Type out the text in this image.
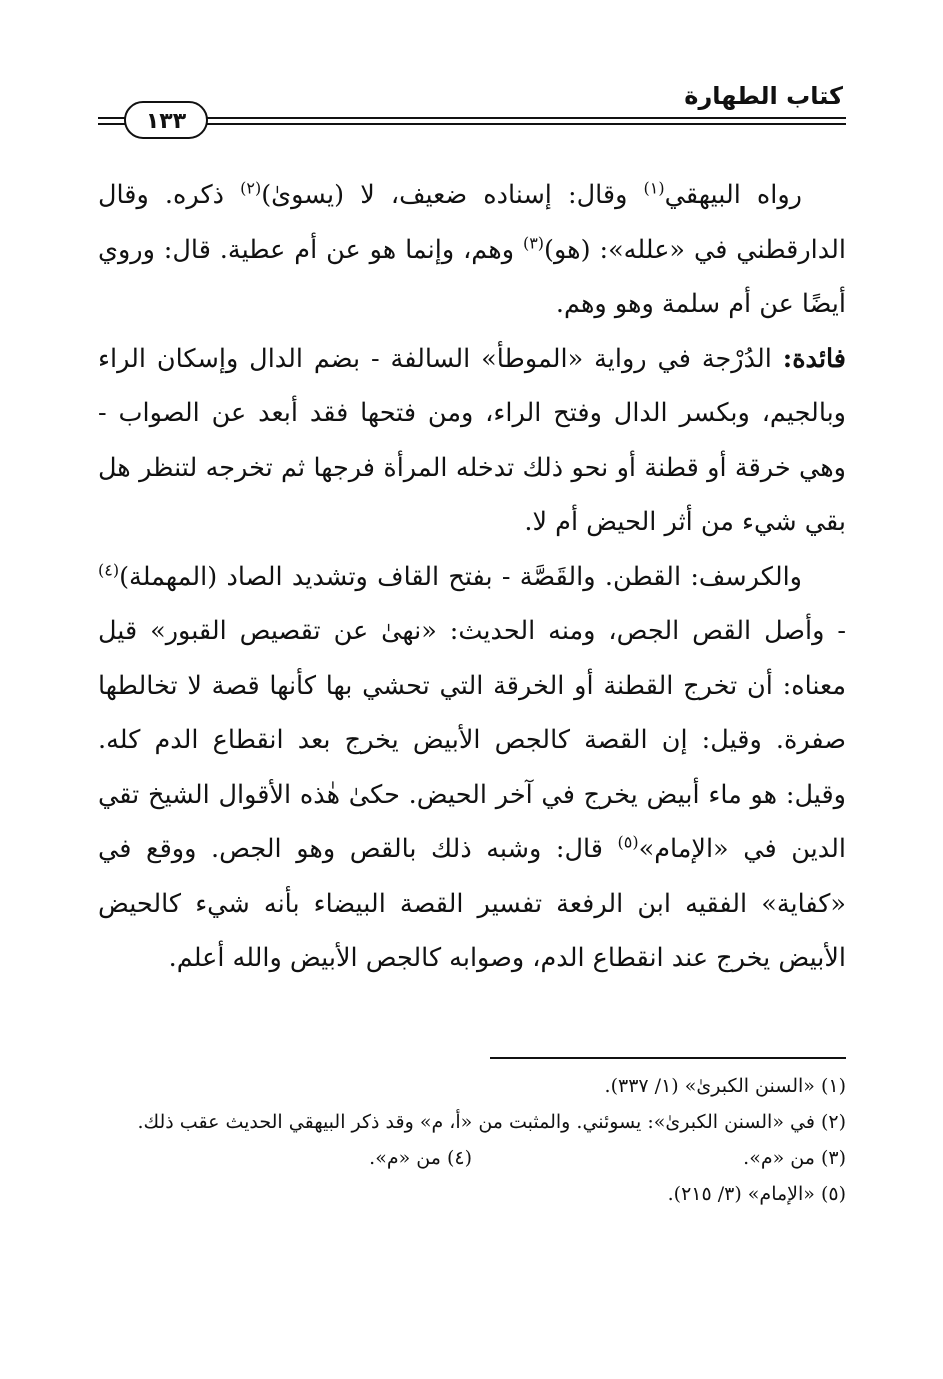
كتاب الطهارة
١٣٣

رواه البيهقي$^{(١)}$ وقال: إسناده ضعيف، لا (يسوىٰ)$^{(٢)}$ ذكره. وقال الدارقطني في «علله»: (هو)$^{(٣)}$ وهم، وإنما هو عن أم عطية. قال: وروي أيضًا عن أم سلمة وهو وهم.

فائدة: الدُرْجة في رواية «الموطأ» السالفة - بضم الدال وإسكان الراء وبالجيم، وبكسر الدال وفتح الراء، ومن فتحها فقد أبعد عن الصواب - وهي خرقة أو قطنة أو نحو ذلك تدخله المرأة فرجها ثم تخرجه لتنظر هل بقي شيء من أثر الحيض أم لا.

والكرسف: القطن. والقَصَّة - بفتح القاف وتشديد الصاد (المهملة)$^{(٤)}$ - وأصل القص الجص، ومنه الحديث: «نهىٰ عن تقصيص القبور» قيل معناه: أن تخرج القطنة أو الخرقة التي تحشي بها كأنها قصة لا تخالطها صفرة. وقيل: إن القصة كالجص الأبيض يخرج بعد انقطاع الدم كله. وقيل: هو ماء أبيض يخرج في آخر الحيض. حكىٰ هٰذه الأقوال الشيخ تقي الدين في «الإمام»$^{(٥)}$ قال: وشبه ذلك بالقص وهو الجص. ووقع في «كفاية» الفقيه ابن الرفعة تفسير القصة البيضاء بأنه شيء كالحيض الأبيض يخرج عند انقطاع الدم، وصوابه كالجص الأبيض والله أعلم.

(١) «السنن الكبرىٰ» (١/ ٣٣٧).

(٢) في «السنن الكبرىٰ»: يسوئني. والمثبت من «أ، م» وقد ذكر البيهقي الحديث عقب ذلك.

(٣) من «م».

(٤) من «م».

(٥) «الإمام» (٣/ ٢١٥).
